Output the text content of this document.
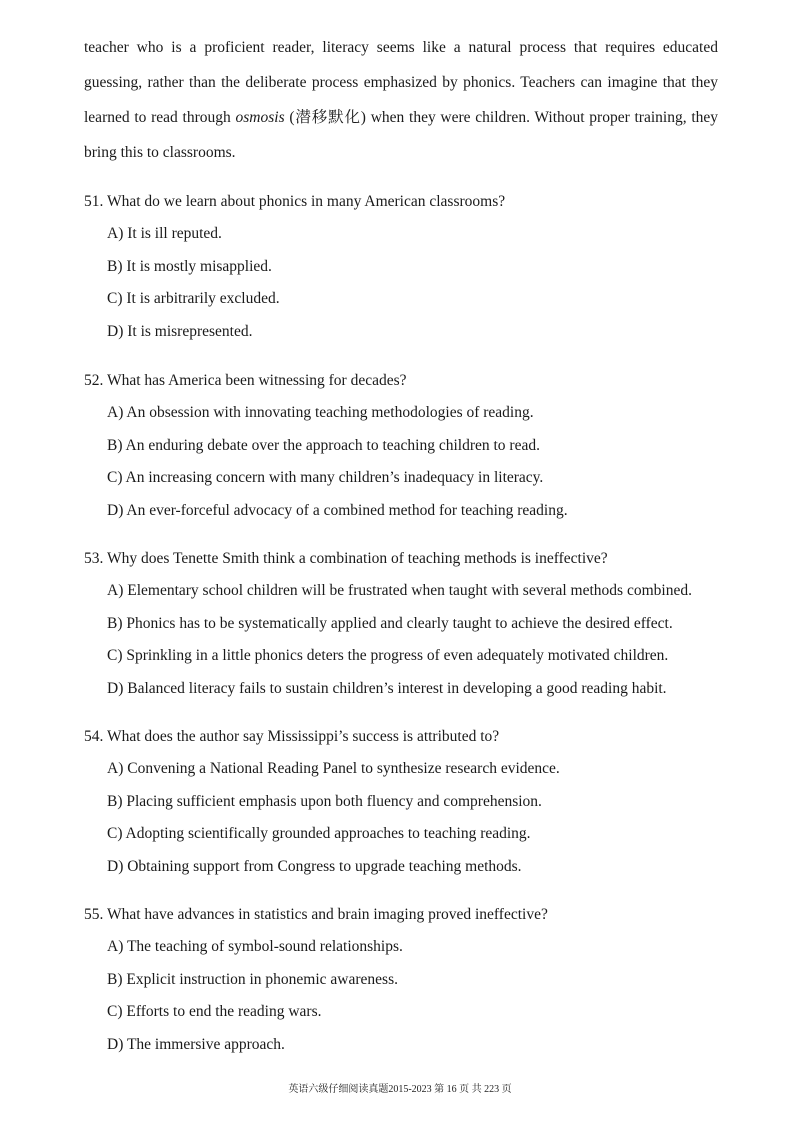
teacher who is a proficient reader, literacy seems like a natural process that requires educated guessing, rather than the deliberate process emphasized by phonics. Teachers can imagine that they learned to read through osmosis (潜移默化) when they were children. Without proper training, they bring this to classrooms.

51. What do we learn about phonics in many American classrooms?
A) It is ill reputed.
B) It is mostly misapplied.
C) It is arbitrarily excluded.
D) It is misrepresented.
52. What has America been witnessing for decades?
A) An obsession with innovating teaching methodologies of reading.
B) An enduring debate over the approach to teaching children to read.
C) An increasing concern with many children’s inadequacy in literacy.
D) An ever-forceful advocacy of a combined method for teaching reading.
53. Why does Tenette Smith think a combination of teaching methods is ineffective?
A) Elementary school children will be frustrated when taught with several methods combined.
B) Phonics has to be systematically applied and clearly taught to achieve the desired effect.
C) Sprinkling in a little phonics deters the progress of even adequately motivated children.
D) Balanced literacy fails to sustain children’s interest in developing a good reading habit.
54. What does the author say Mississippi’s success is attributed to?
A) Convening a National Reading Panel to synthesize research evidence.
B) Placing sufficient emphasis upon both fluency and comprehension.
C) Adopting scientifically grounded approaches to teaching reading.
D) Obtaining support from Congress to upgrade teaching methods.
55. What have advances in statistics and brain imaging proved ineffective?
A) The teaching of symbol-sound relationships.
B) Explicit instruction in phonemic awareness.
C) Efforts to end the reading wars.
D) The immersive approach.
英语六级仔细阅读真题2015-2023 第 16 页 共 223 页
